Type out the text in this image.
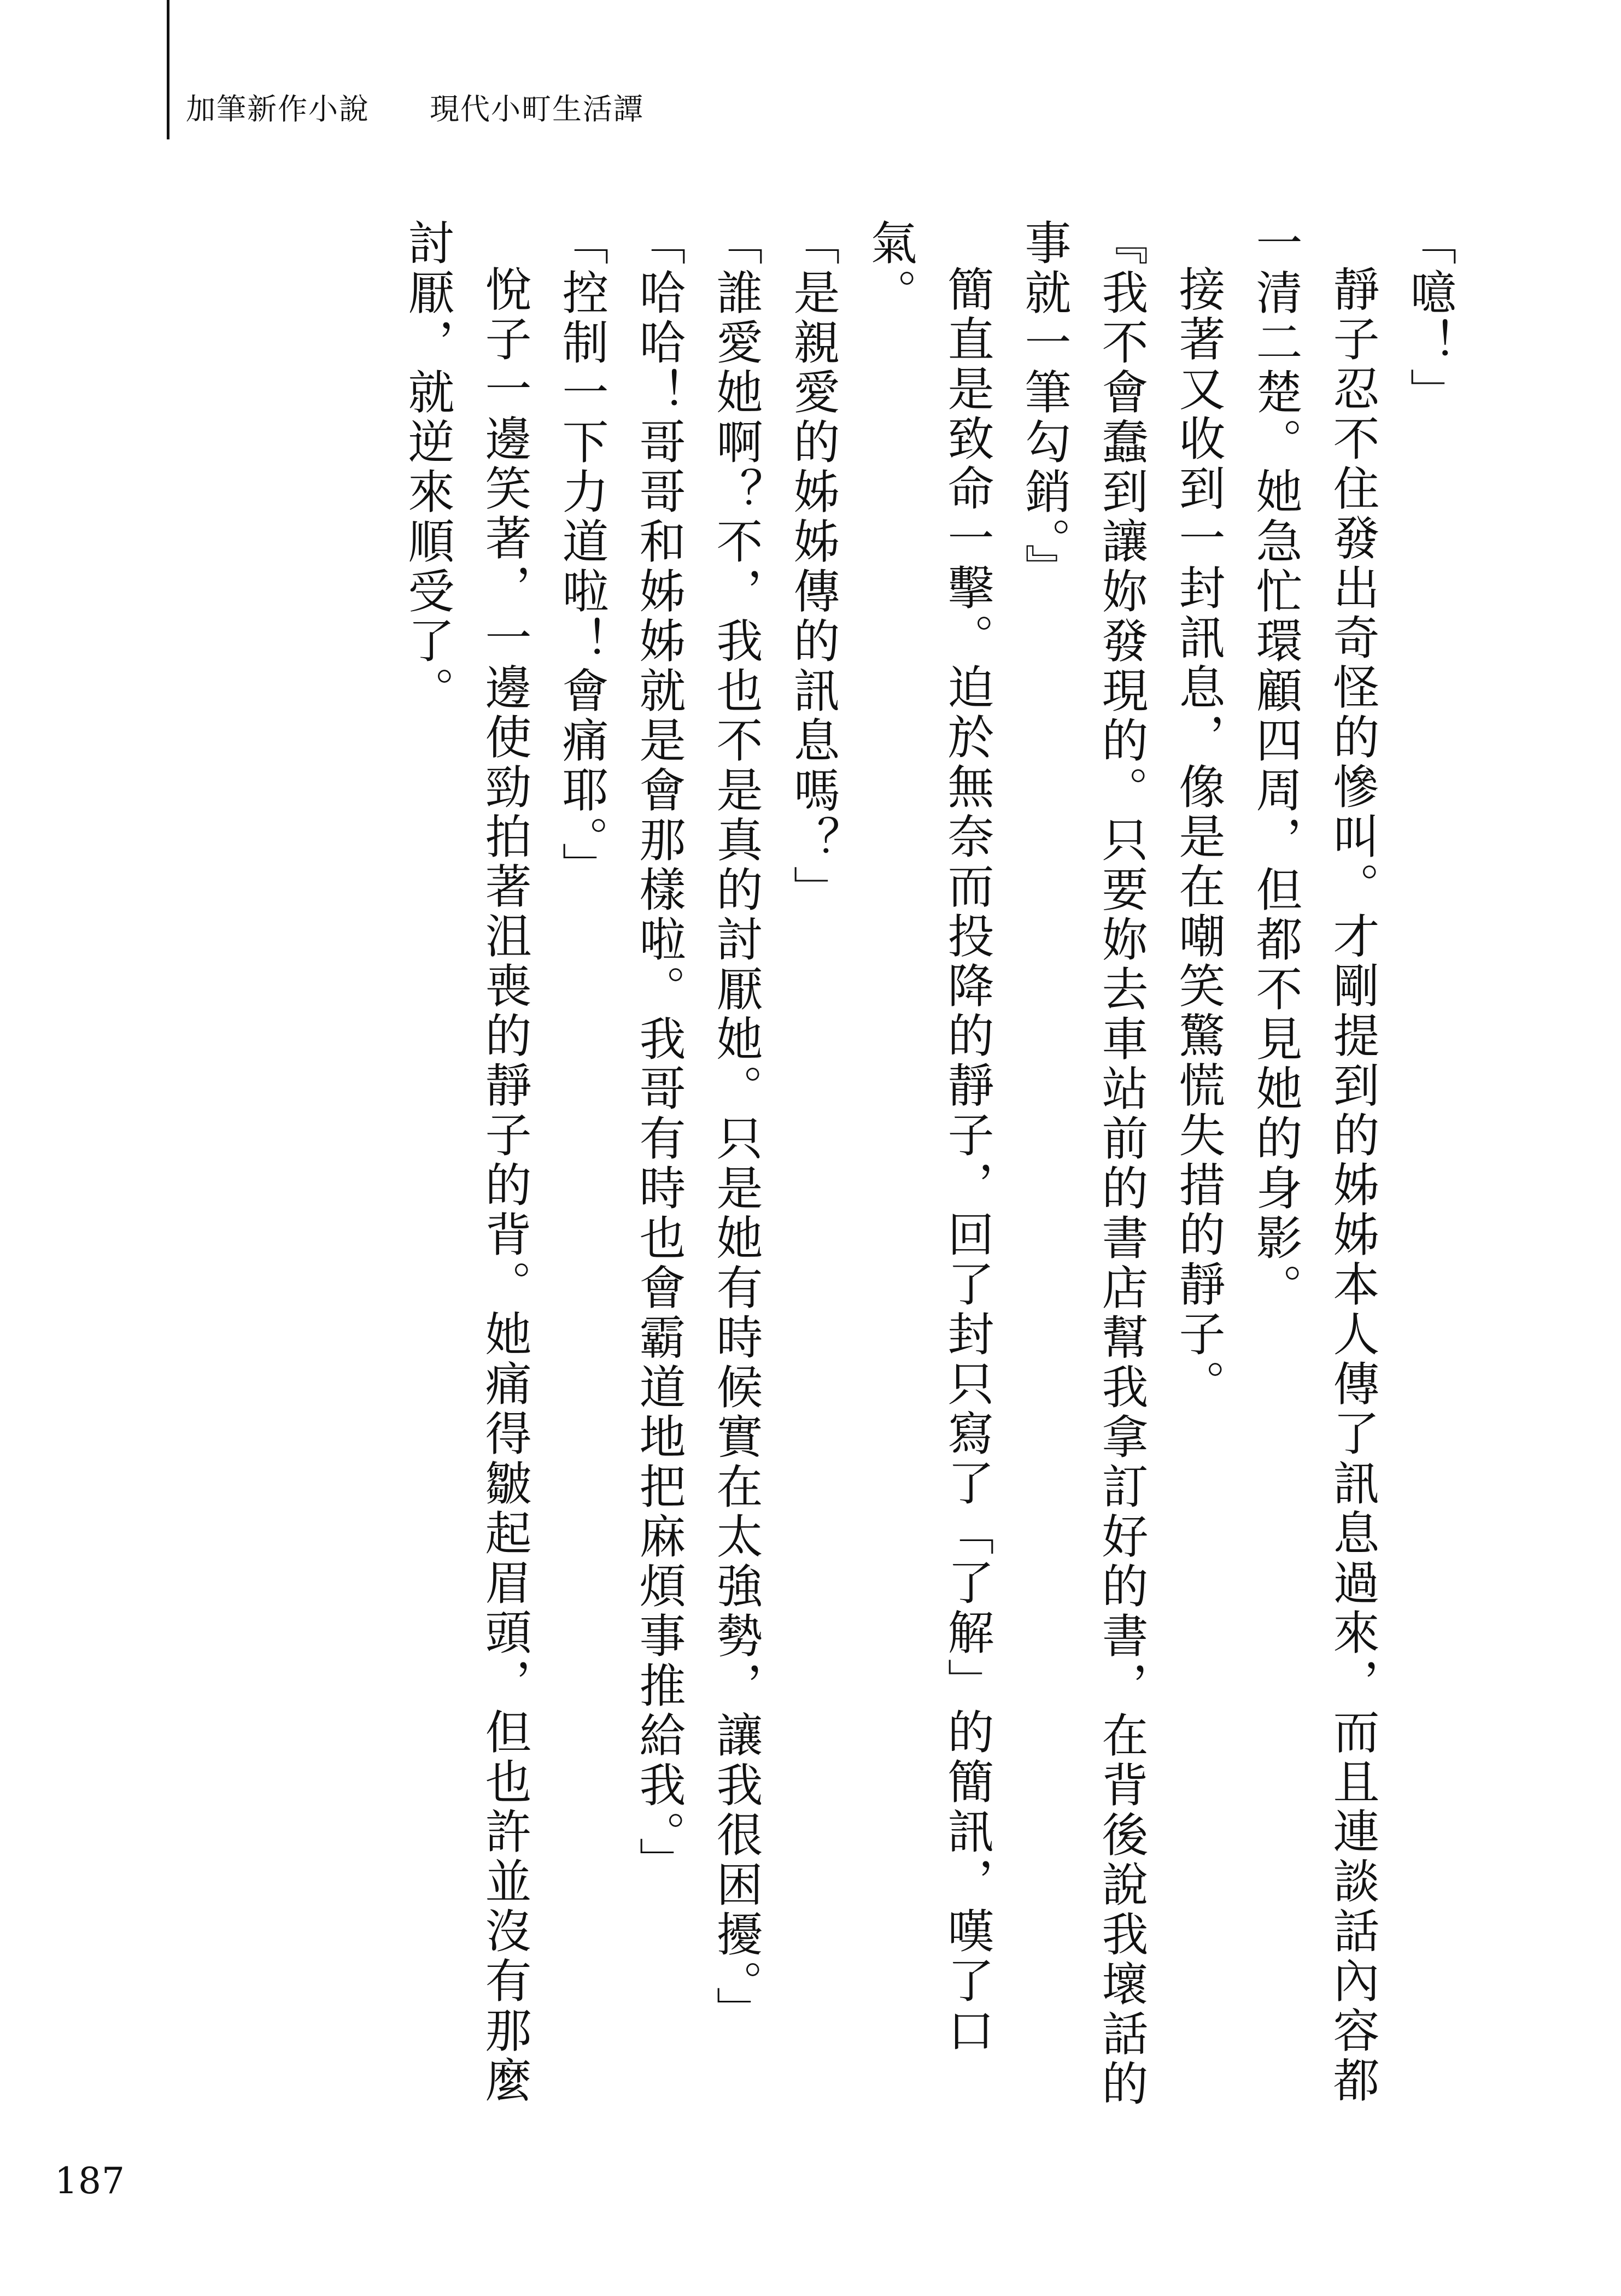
加筆新作小說 現代小町生活譚

「噫！」

靜子忍不住發出奇怪的慘叫。才剛提到的姊姊本人傳了訊息過來，而且連談話內容都一清二楚。她急忙環顧四周，但都不見她的身影。

接著又收到一封訊息，像是在嘲笑驚慌失措的靜子。

『我不會蠢到讓妳發現的。只要妳去車站前的書店幫我拿訂好的書，在背後說我壞話的事就一筆勾銷。』

簡直是致命一擊。迫於無奈而投降的靜子，回了封只寫了「了解」的簡訊，嘆了口氣。

「是親愛的姊姊傳的訊息嗎？」

「誰愛她啊？不，我也不是真的討厭她。只是她有時候實在太強勢，讓我很困擾。」

「哈哈！哥哥和姊姊就是會那樣啦。我哥有時也會霸道地把麻煩事推給我。」

「控制一下力道啦！會痛耶。」

悅子一邊笑著，一邊使勁拍著沮喪的靜子的背。她痛得皺起眉頭，但也許並沒有那麼討厭，就逆來順受了。

187
